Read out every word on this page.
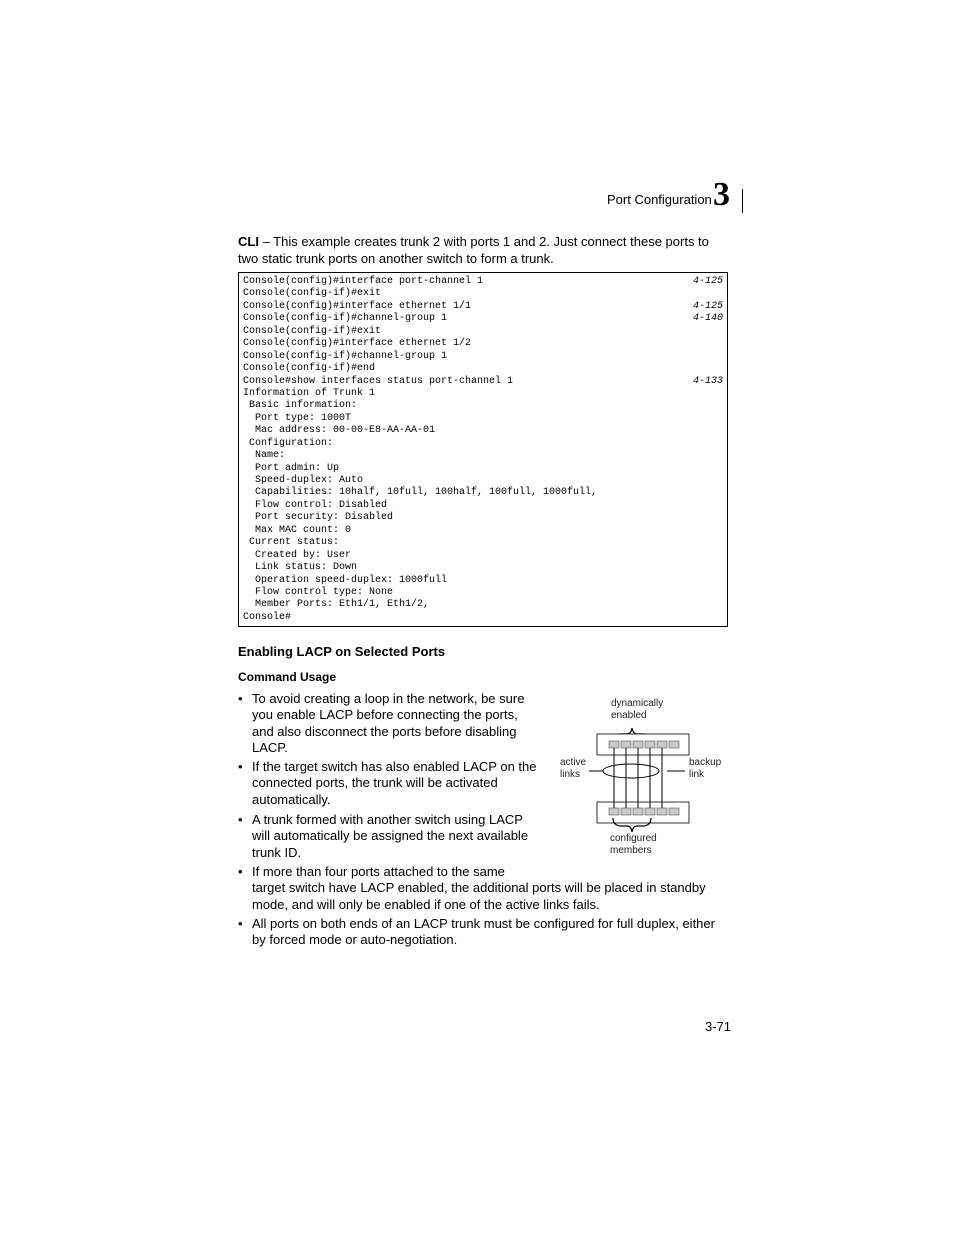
Port Configuration 3
CLI – This example creates trunk 2 with ports 1 and 2. Just connect these ports to two static trunk ports on another switch to form a trunk.
Console(config)#interface port-channel 1	4-125
Console(config-if)#exit
Console(config)#interface ethernet 1/1	4-125
Console(config-if)#channel-group 1	4-140
Console(config-if)#exit
Console(config)#interface ethernet 1/2
Console(config-if)#channel-group 1
Console(config-if)#end
Console#show interfaces status port-channel 1	4-133
Information of Trunk 1
Basic information:
Port type: 1000T
Mac address: 00-00-E8-AA-AA-01
Configuration:
Name:
Port admin: Up
Speed-duplex: Auto
Capabilities: 10half, 10full, 100half, 100full, 1000full,
Flow control: Disabled
Port security: Disabled
Max MAC count: 0
Current status:
Created by: User
Link status: Down
Operation speed-duplex: 1000full
Flow control type: None
Member Ports: Eth1/1, Eth1/2,
Console#
Enabling LACP on Selected Ports
Command Usage
• To avoid creating a loop in the network, be sure you enable LACP before connecting the ports, and also disconnect the ports before disabling LACP.
• If the target switch has also enabled LACP on the connected ports, the trunk will be activated automatically.
• A trunk formed with another switch using LACP will automatically be assigned the next available trunk ID.
• If more than four ports attached to the same target switch have LACP enabled, the additional ports will be placed in standby mode, and will only be enabled if one of the active links fails.
• All ports on both ends of an LACP trunk must be configured for full duplex, either by forced mode or auto-negotiation.
dynamically
enabled
active
links
backup
link
configured
members
3-71
